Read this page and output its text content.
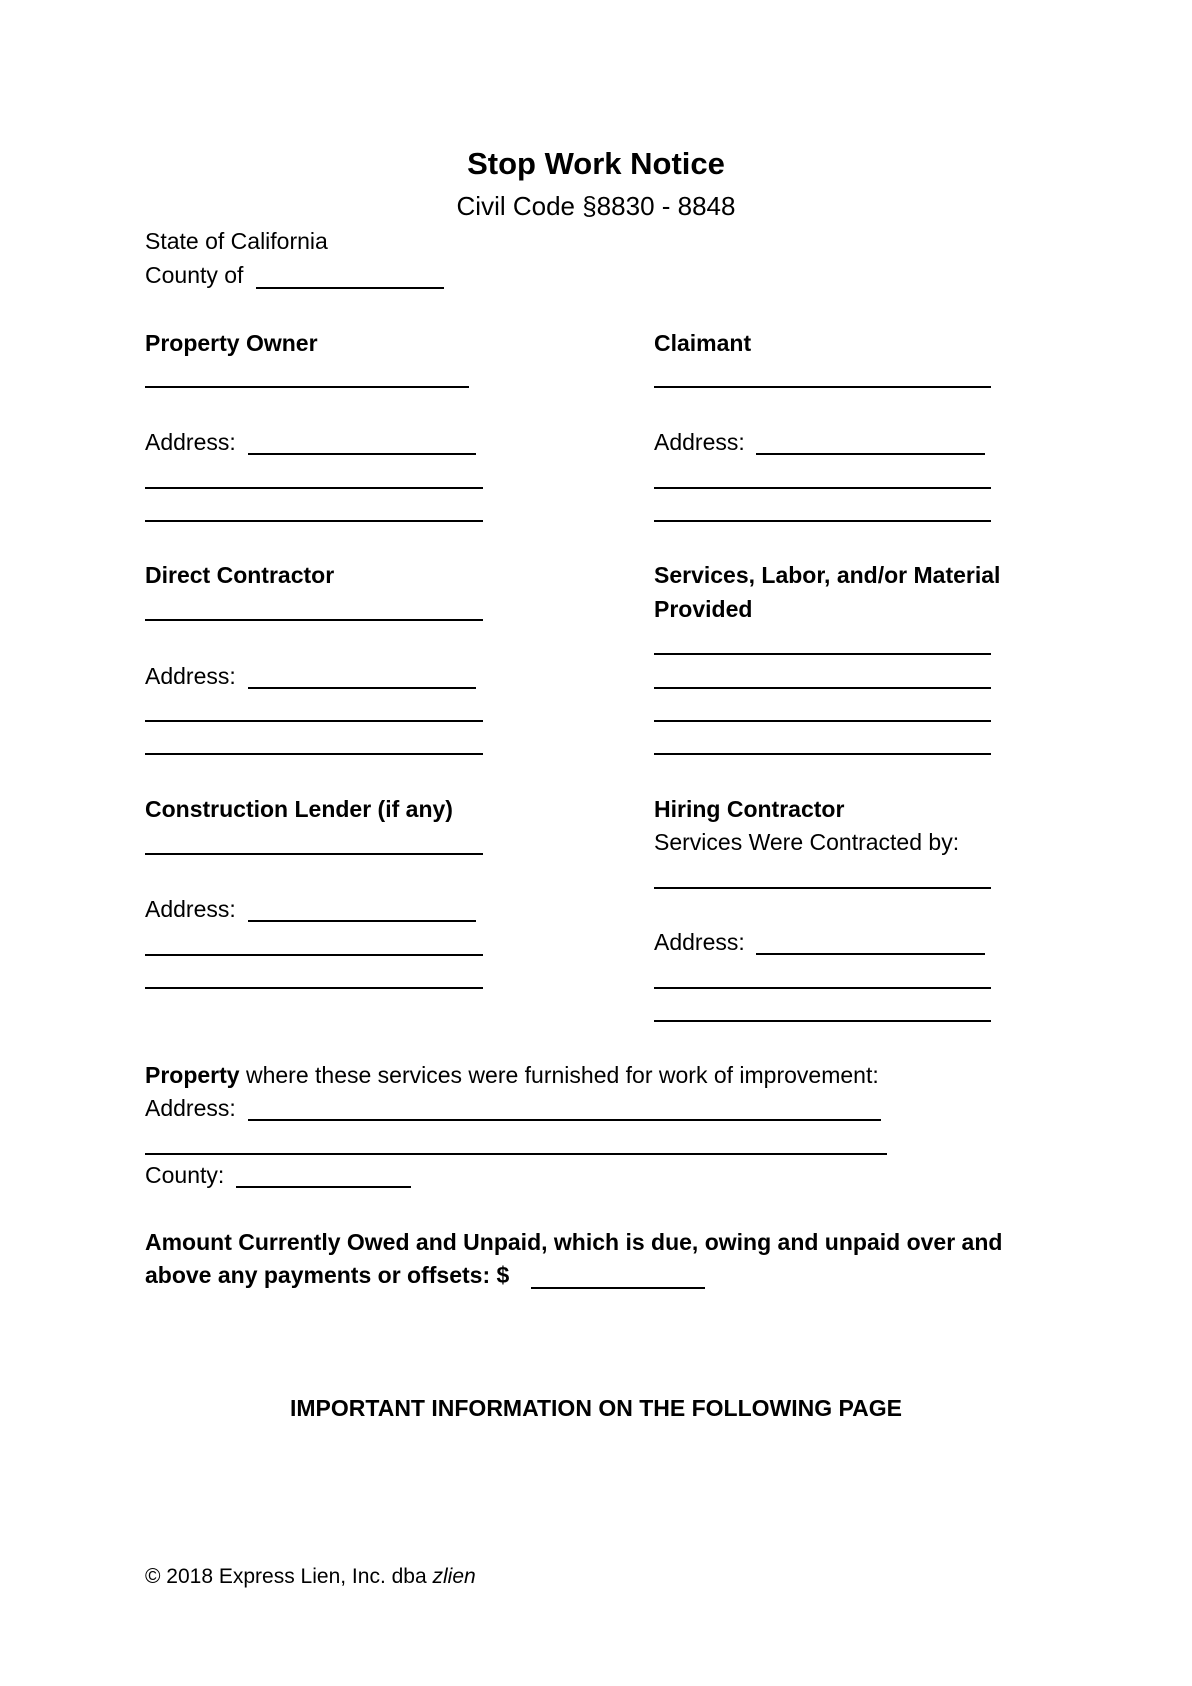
Stop Work Notice
Civil Code §8830 - 8848
State of California
County of
Property Owner
Address:
Claimant
Address:
Direct Contractor
Address:
Services, Labor, and/or Material
Provided
Construction Lender (if any)
Address:
Hiring Contractor
Services Were Contracted by:
Address:
Property where these services were furnished for work of improvement:
Address:
County:
Amount Currently Owed and Unpaid, which is due, owing and unpaid over and
above any payments or offsets: $
IMPORTANT INFORMATION ON THE FOLLOWING PAGE
© 2018 Express Lien, Inc. dba zlien
